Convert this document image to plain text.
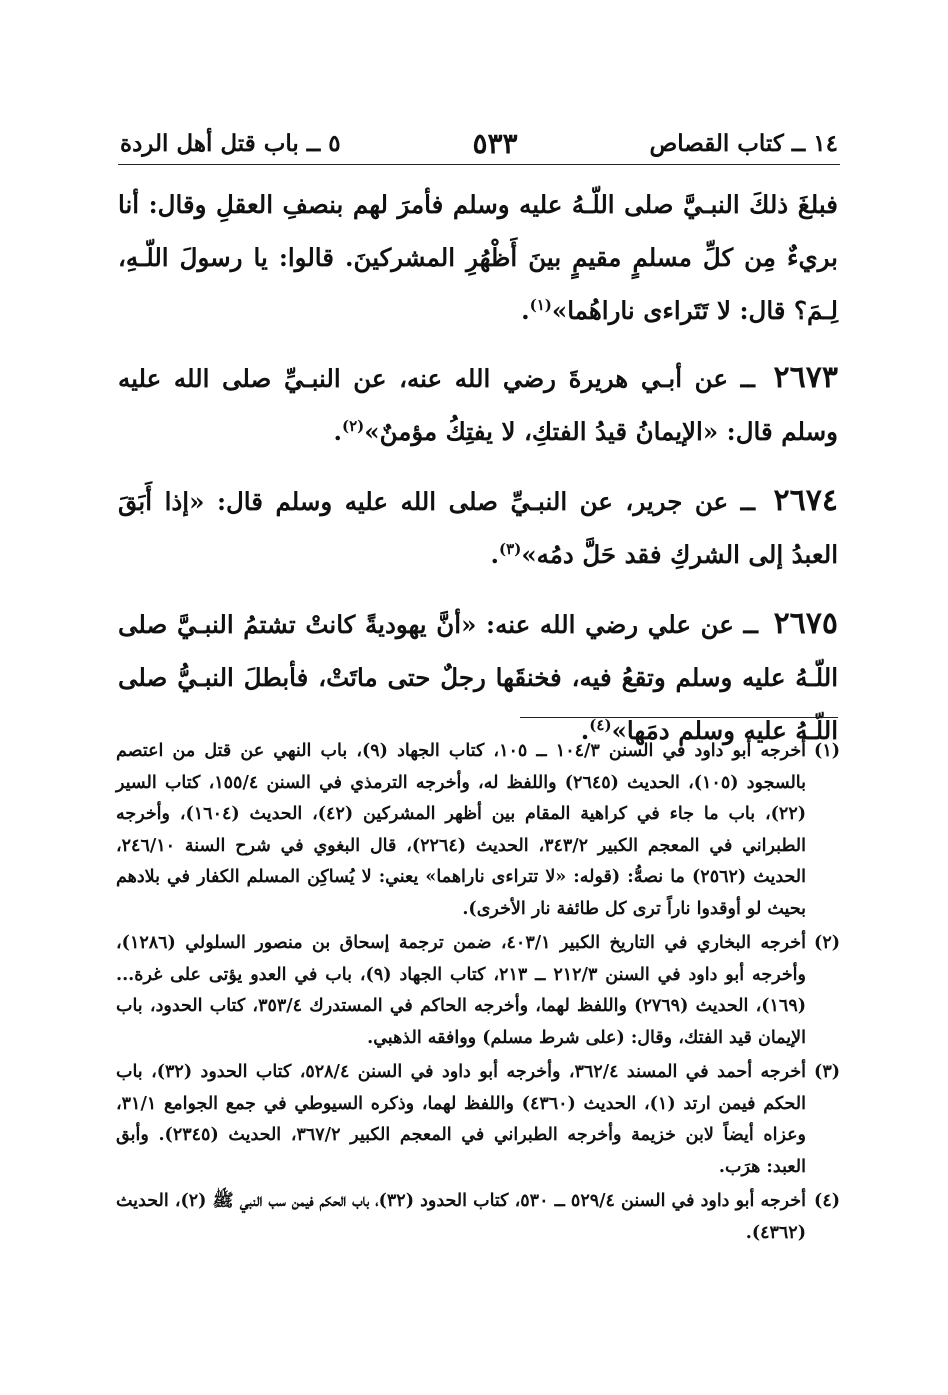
١٤ ــ كتاب القصاص
٥٣٣
٥ ــ باب قتل أهل الردة

فبلغَ ذلكَ النبـيَّ صلى اللّـهُ عليه وسلم فأمرَ لهم بنصفِ العقلِ وقال: أنا بريءٌ مِن كلِّ مسلمٍ مقيمٍ بينَ أَظْهُرِ المشركينَ. قالوا: يا رسولَ اللّـهِ، لِـمَ؟ قال: لا تَتَراءى ناراهُما»$^{(١)}$.

٢٦٧٣ ــ عن أبـي هريرةَ رضي الله عنه، عن النبـيِّ صلى الله عليه وسلم قال: «الإيمانُ قيدُ الفتكِ، لا يفتِكُ مؤمنٌ»$^{(٢)}$.

٢٦٧٤ ــ عن جرير، عن النبـيِّ صلى الله عليه وسلم قال: «إذا أَبَقَ العبدُ إلى الشركِ فقد حَلَّ دمُه»$^{(٣)}$.

٢٦٧٥ ــ عن علي رضي الله عنه: «أنَّ يهوديةً كانتْ تشتمُ النبـيَّ صلى اللّـهُ عليه وسلم وتقعُ فيه، فخنقَها رجلٌ حتى ماتَتْ، فأبطلَ النبـيُّ صلى اللّـهُ عليه وسلم دمَها»$^{(٤)}$.

(١)
أخرجه أبو داود في السنن ١٠٤/٣ ــ ١٠٥، كتاب الجهاد (٩)، باب النهي عن قتل من اعتصم بالسجود (١٠٥)، الحديث (٢٦٤٥) واللفظ له، وأخرجه الترمذي في السنن ١٥٥/٤، كتاب السير (٢٢)، باب ما جاء في كراهية المقام بين أظهر المشركين (٤٢)، الحديث (١٦٠٤)، وأخرجه الطبراني في المعجم الكبير ٣٤٣/٢، الحديث (٢٢٦٤)، قال البغوي في شرح السنة ٢٤٦/١٠، الحديث (٢٥٦٢) ما نصهُّ: (قوله: «لا تتراءى ناراهما» يعني: لا يُساكِن المسلم الكفار في بلادهم بحيث لو أوقدوا ناراً ترى كل طائفة نار الأخرى).
(٢)
أخرجه البخاري في التاريخ الكبير ٤٠٣/١، ضمن ترجمة إسحاق بن منصور السلولي (١٢٨٦)، وأخرجه أبو داود في السنن ٢١٢/٣ ــ ٢١٣، كتاب الجهاد (٩)، باب في العدو يؤتى على غرة... (١٦٩)، الحديث (٢٧٦٩) واللفظ لهما، وأخرجه الحاكم في المستدرك ٣٥٣/٤، كتاب الحدود، باب الإيمان قيد الفتك، وقال: (على شرط مسلم) ووافقه الذهبي.
(٣)
أخرجه أحمد في المسند ٣٦٢/٤، وأخرجه أبو داود في السنن ٥٢٨/٤، كتاب الحدود (٣٢)، باب الحكم فيمن ارتد (١)، الحديث (٤٣٦٠) واللفظ لهما، وذكره السيوطي في جمع الجوامع ٣١/١، وعزاه أيضاً لابن خزيمة وأخرجه الطبراني في المعجم الكبير ٣٦٧/٢، الحديث (٢٣٤٥). وأبق العبد: هرَب.
(٤)
أخرجه أبو داود في السنن ٥٢٩/٤ ــ ٥٣٠، كتاب الحدود (٣٢)، باب الحكم فيمن سب النبي ﷺ (٢)، الحديث (٤٣٦٢).
